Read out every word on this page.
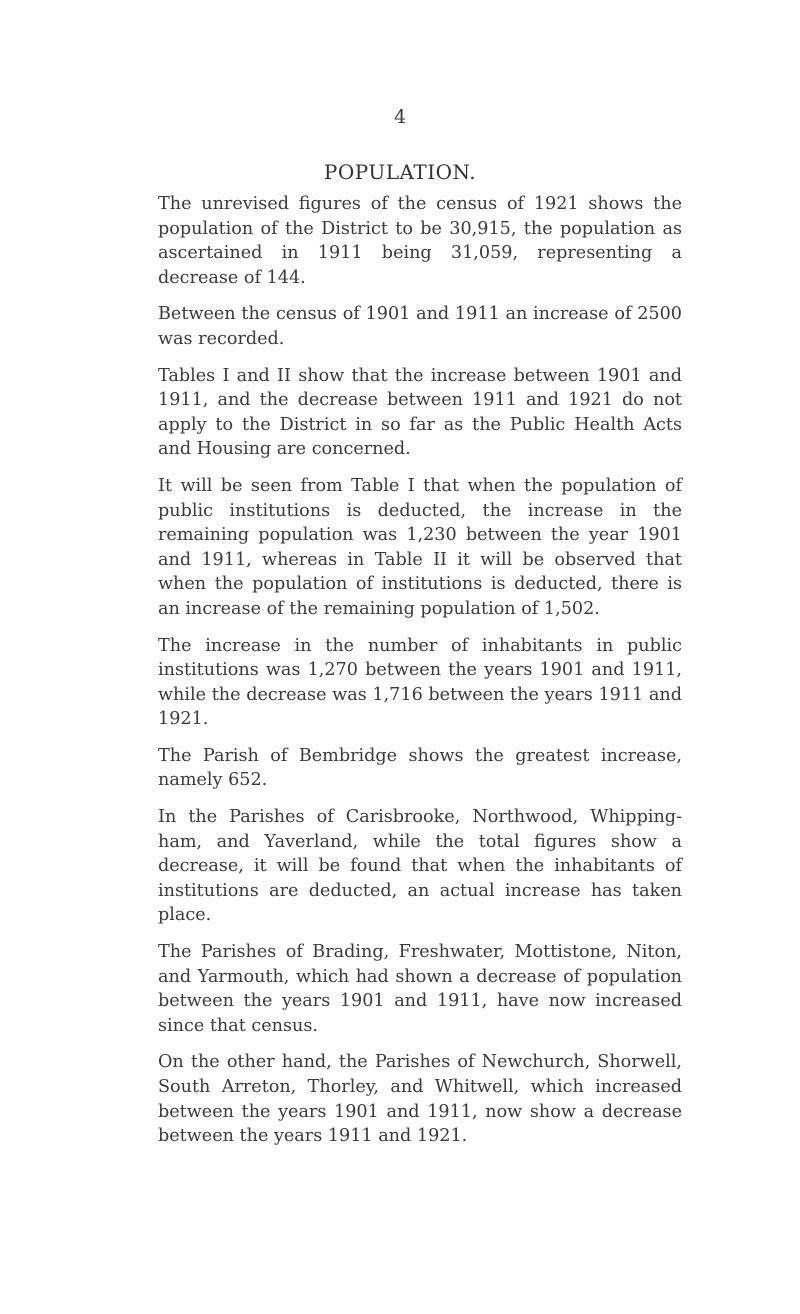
4
POPULATION.

The unrevised figures of the census of 1921 shows the population of the District to be 30,915, the population as ascertained in 1911 being 31,059, representing a decrease of 144.

Between the census of 1901 and 1911 an increase of 2500 was recorded.

Tables I and II show that the increase between 1901 and 1911, and the decrease between 1911 and 1921 do not apply to the District in so far as the Public Health Acts and Housing are concerned.

It will be seen from Table I that when the population of public institutions is deducted, the increase in the remaining population was 1,230 between the year 1901 and 1911, whereas in Table II it will be observed that when the population of institutions is deducted, there is an increase of the remaining population of 1,502.

The increase in the number of inhabitants in public institutions was 1,270 between the years 1901 and 1911, while the decrease was 1,716 between the years 1911 and 1921.

The Parish of Bembridge shows the greatest increase, namely 652.

In the Parishes of Carisbrooke, Northwood, Whipping-ham, and Yaverland, while the total figures show a decrease, it will be found that when the inhabitants of institutions are deducted, an actual increase has taken place.

The Parishes of Brading, Freshwater, Mottistone, Niton, and Yarmouth, which had shown a decrease of population between the years 1901 and 1911, have now increased since that census.

On the other hand, the Parishes of Newchurch, Shorwell, South Arreton, Thorley, and Whitwell, which increased between the years 1901 and 1911, now show a decrease between the years 1911 and 1921.
